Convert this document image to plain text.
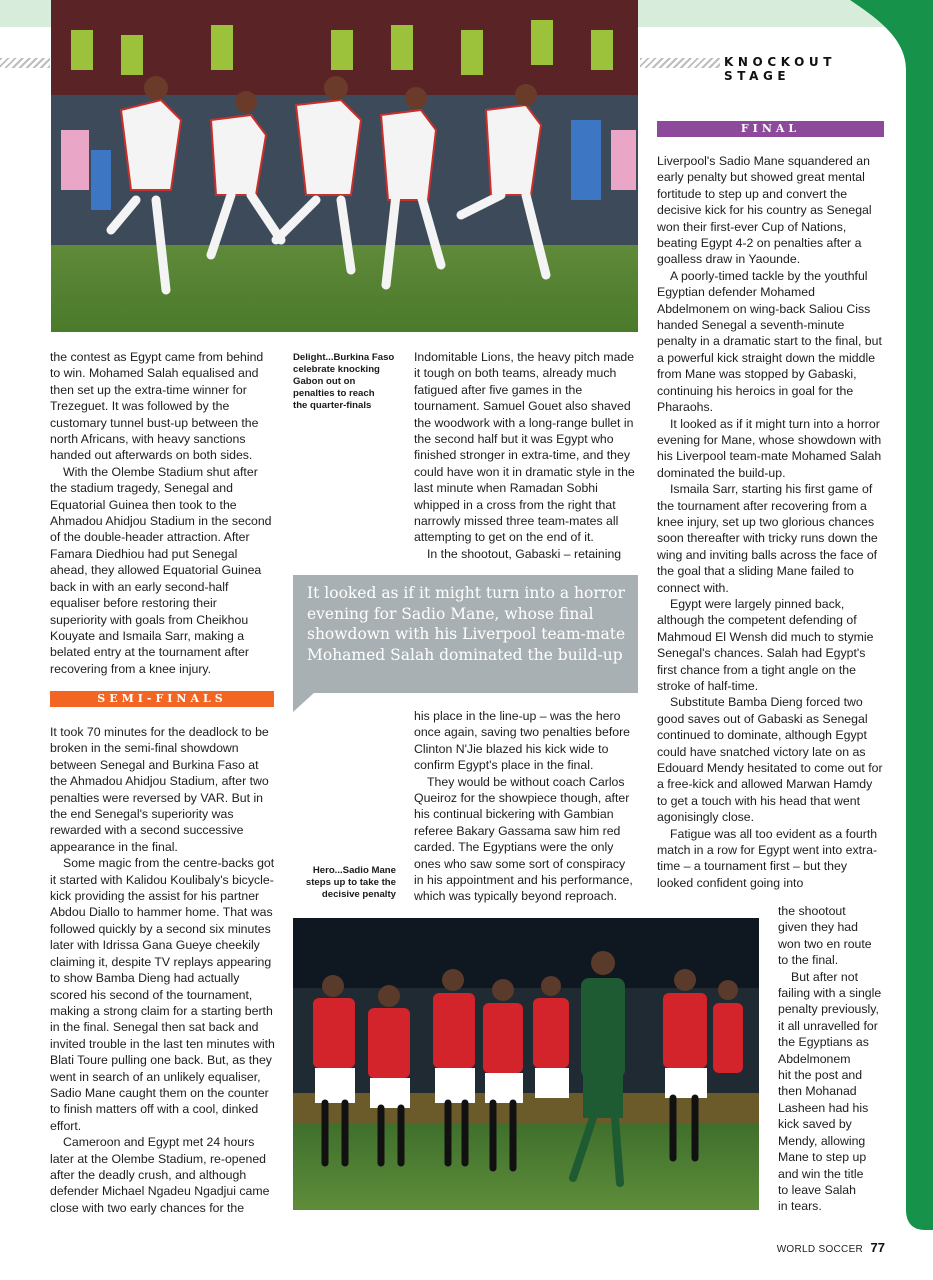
KNOCKOUT STAGE

the contest as Egypt came from behind to win. Mohamed Salah equalised and then set up the extra-time winner for Trezeguet. It was followed by the customary tunnel bust-up between the north Africans, with heavy sanctions handed out afterwards on both sides.

With the Olembe Stadium shut after the stadium tragedy, Senegal and Equatorial Guinea then took to the Ahmadou Ahidjou Stadium in the second of the double-header attraction. After Famara Diedhiou had put Senegal ahead, they allowed Equatorial Guinea back in with an early second-half equaliser before restoring their superiority with goals from Cheikhou Kouyate and Ismaila Sarr, making a belated entry at the tournament after recovering from a knee injury.

SEMI-FINALS

It took 70 minutes for the deadlock to be broken in the semi-final showdown between Senegal and Burkina Faso at the Ahmadou Ahidjou Stadium, after two penalties were reversed by VAR. But in the end Senegal's superiority was rewarded with a second successive appearance in the final.

Some magic from the centre-backs got it started with Kalidou Koulibaly's bicycle-kick providing the assist for his partner Abdou Diallo to hammer home. That was followed quickly by a second six minutes later with Idrissa Gana Gueye cheekily claiming it, despite TV replays appearing to show Bamba Dieng had actually scored his second of the tournament, making a strong claim for a starting berth in the final. Senegal then sat back and invited trouble in the last ten minutes with Blati Toure pulling one back. But, as they went in search of an unlikely equaliser, Sadio Mane caught them on the counter to finish matters off with a cool, dinked effort.

Cameroon and Egypt met 24 hours later at the Olembe Stadium, re-opened after the deadly crush, and although defender Michael Ngadeu Ngadjui came close with two early chances for the

Delight...Burkina Faso
celebrate knocking
Gabon out on
penalties to reach
the quarter-finals

Indomitable Lions, the heavy pitch made it tough on both teams, already much fatigued after five games in the tournament. Samuel Gouet also shaved the woodwork with a long-range bullet in the second half but it was Egypt who finished stronger in extra-time, and they could have won it in dramatic style in the last minute when Ramadan Sobhi whipped in a cross from the right that narrowly missed three team-mates all attempting to get on the end of it.

In the shootout, Gabaski – retaining

It looked as if it might turn into a horror evening for Sadio Mane, whose final showdown with his Liverpool team-mate Mohamed Salah dominated the build-up

his place in the line-up – was the hero once again, saving two penalties before Clinton N'Jie blazed his kick wide to confirm Egypt's place in the final.

They would be without coach Carlos Queiroz for the showpiece though, after his continual bickering with Gambian referee Bakary Gassama saw him red carded. The Egyptians were the only ones who saw some sort of conspiracy in his appointment and his performance, which was typically beyond reproach.

Hero...Sadio Mane
steps up to take the
decisive penalty
FINAL

Liverpool's Sadio Mane squandered an early penalty but showed great mental fortitude to step up and convert the decisive kick for his country as Senegal won their first-ever Cup of Nations, beating Egypt 4-2 on penalties after a goalless draw in Yaounde.

A poorly-timed tackle by the youthful Egyptian defender Mohamed Abdelmonem on wing-back Saliou Ciss handed Senegal a seventh-minute penalty in a dramatic start to the final, but a powerful kick straight down the middle from Mane was stopped by Gabaski, continuing his heroics in goal for the Pharaohs.

It looked as if it might turn into a horror evening for Mane, whose showdown with his Liverpool team-mate Mohamed Salah dominated the build-up.

Ismaila Sarr, starting his first game of the tournament after recovering from a knee injury, set up two glorious chances soon thereafter with tricky runs down the wing and inviting balls across the face of the goal that a sliding Mane failed to connect with.

Egypt were largely pinned back, although the competent defending of Mahmoud El Wensh did much to stymie Senegal's chances. Salah had Egypt's first chance from a tight angle on the stroke of half-time.

Substitute Bamba Dieng forced two good saves out of Gabaski as Senegal continued to dominate, although Egypt could have snatched victory late on as Edouard Mendy hesitated to come out for a free-kick and allowed Marwan Hamdy to get a touch with his head that went agonisingly close.

Fatigue was all too evident as a fourth match in a row for Egypt went into extra-time – a tournament first – but they looked confident going into

the shootout
given they had
won two en route
to the final.
But after not
failing with a single
penalty previously,
it all unravelled for
the Egyptians as
Abdelmonem
hit the post and
then Mohanad
Lasheen had his
kick saved by
Mendy, allowing
Mane to step up
and win the title
to leave Salah
in tears.
WORLD SOCCER 77
